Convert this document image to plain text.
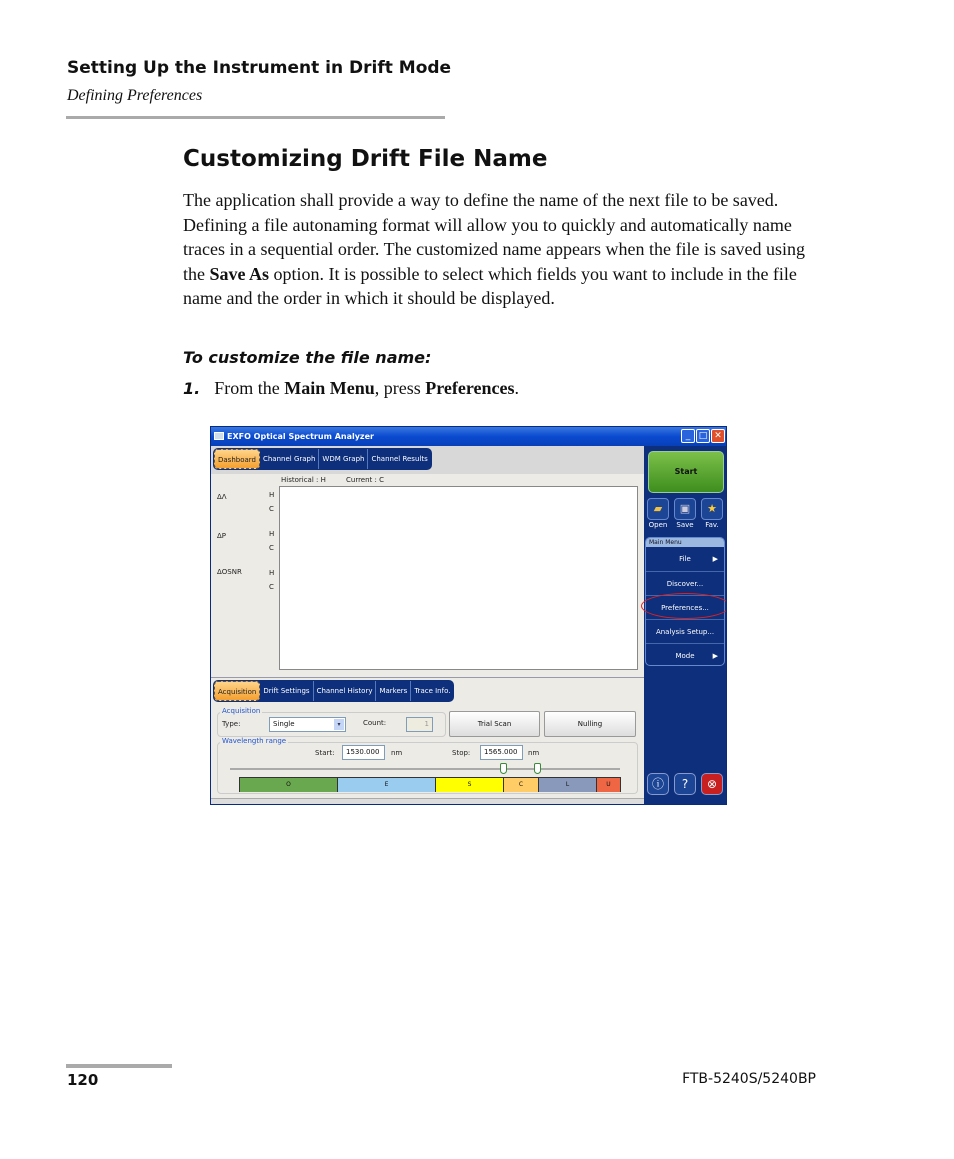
Setting Up the Instrument in Drift Mode
Defining Preferences
Customizing Drift File Name
The application shall provide a way to define the name of the next file to be saved. Defining a file autonaming format will allow you to quickly and automatically name traces in a sequential order. The customized name appears when the file is saved using the Save As option. It is possible to select which fields you want to include in the file name and the order in which it should be displayed.
To customize the file name:
1. From the Main Menu, press Preferences.
EXFO Optical Spectrum Analyzer	_ □ ✕
Dashboard	Channel Graph	WDM Graph	Channel Results
Historical : H	Current : C
ΔΛ	H
C
ΔP	H
C
ΔOSNR	H
C
Acquisition	Drift Settings	Channel History	Markers	Trace Info.
Acquisition
Type:	Single	▾	Count:	1	Trial Scan	Nulling
Wavelength range
Start:	1530.000	nm	Stop:	1565.000	nm
O	E	S	C	L	U
Start
▰	▣	★
Open	Save	Fav.
Main Menu
File	▶
Discover...
Preferences...
Analysis Setup...
Mode	▶
ⓘ	?	⊗
120	FTB-5240S/5240BP
